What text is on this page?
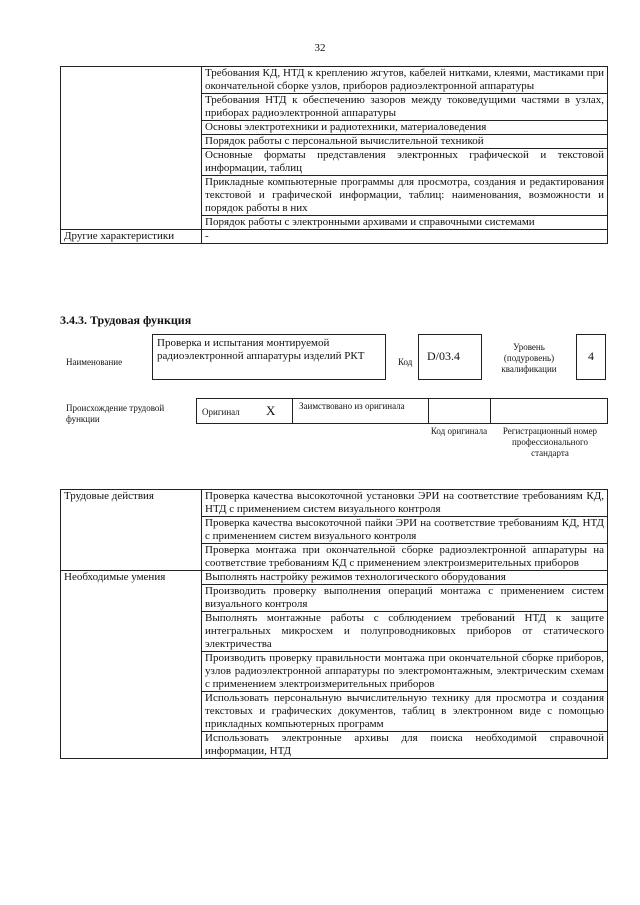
32
	Требования КД, НТД к креплению жгутов, кабелей нитками, клеями, мастиками при окончательной сборке узлов, приборов радиоэлектронной аппаратуры
	Требования НТД к обеспечению зазоров между токоведущими частями в узлах, приборах радиоэлектронной аппаратуры
	Основы электротехники и радиотехники, материаловедения
	Порядок работы с персональной вычислительной техникой
	Основные форматы представления электронных графической и текстовой информации, таблиц
	Прикладные компьютерные программы для просмотра, создания и редактирования текстовой и графической информации, таблиц: наименования, возможности и порядок работы в них
	Порядок работы с электронными архивами и справочными системами
Другие характеристики	-
3.4.3. Трудовая функция
Наименование
Проверка и испытания монтируемой радиоэлектронной аппаратуры изделий РКТ	Код	D/03.4
Уровень (подуровень) квалификации
4
Происхождение трудовой функции
Оригинал X	Заимствовано из оригинала
Код оригинала	Регистрационный номер профессионального стандарта
Трудовые действия	Проверка качества высокоточной установки ЭРИ на соответствие требованиям КД, НТД с применением систем визуального контроля
	Проверка качества высокоточной пайки ЭРИ на соответствие требованиям КД, НТД с применением систем визуального контроля
	Проверка монтажа при окончательной сборке радиоэлектронной аппаратуры на соответствие требованиям КД с применением электроизмерительных приборов
Необходимые умения	Выполнять настройку режимов технологического оборудования
	Производить проверку выполнения операций монтажа с применением систем визуального контроля
	Выполнять монтажные работы с соблюдением требований НТД к защите интегральных микросхем и полупроводниковых приборов от статического электричества
	Производить проверку правильности монтажа при окончательной сборке приборов, узлов радиоэлектронной аппаратуры по электромонтажным, электрическим схемам с применением электроизмерительных приборов
	Использовать персональную вычислительную технику для просмотра и создания текстовых и графических документов, таблиц в электронном виде с помощью прикладных компьютерных программ
	Использовать электронные архивы для поиска необходимой справочной информации, НТД
